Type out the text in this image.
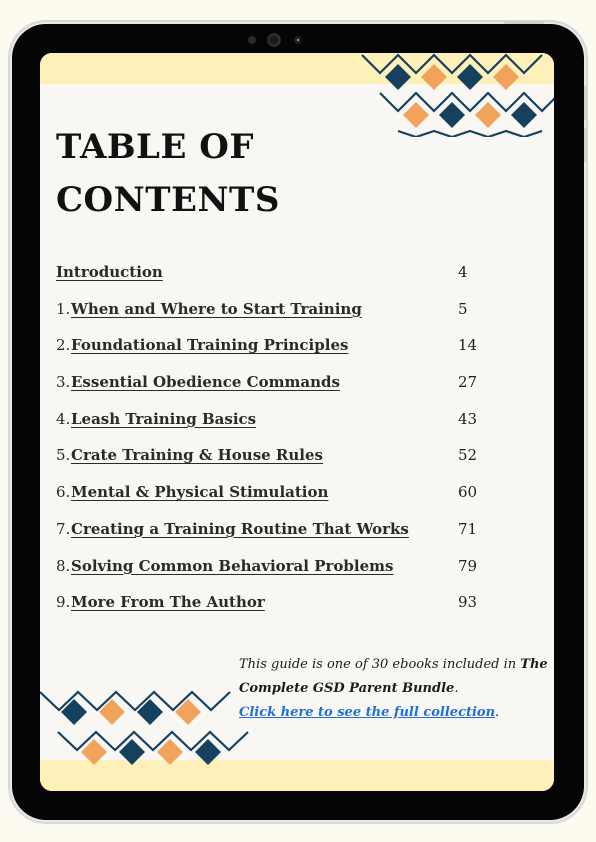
TABLE OF
CONTENTS
Introduction	4
1. When and Where to Start Training	5
2. Foundational Training Principles	14
3. Essential Obedience Commands	27
4. Leash Training Basics	43
5. Crate Training & House Rules	52
6. Mental & Physical Stimulation	60
7. Creating a Training Routine That Works	71
8. Solving Common Behavioral Problems	79
9. More From The Author	93
This guide is one of 30 ebooks included in The Complete GSD Parent Bundle.
Click here to see the full collection.
